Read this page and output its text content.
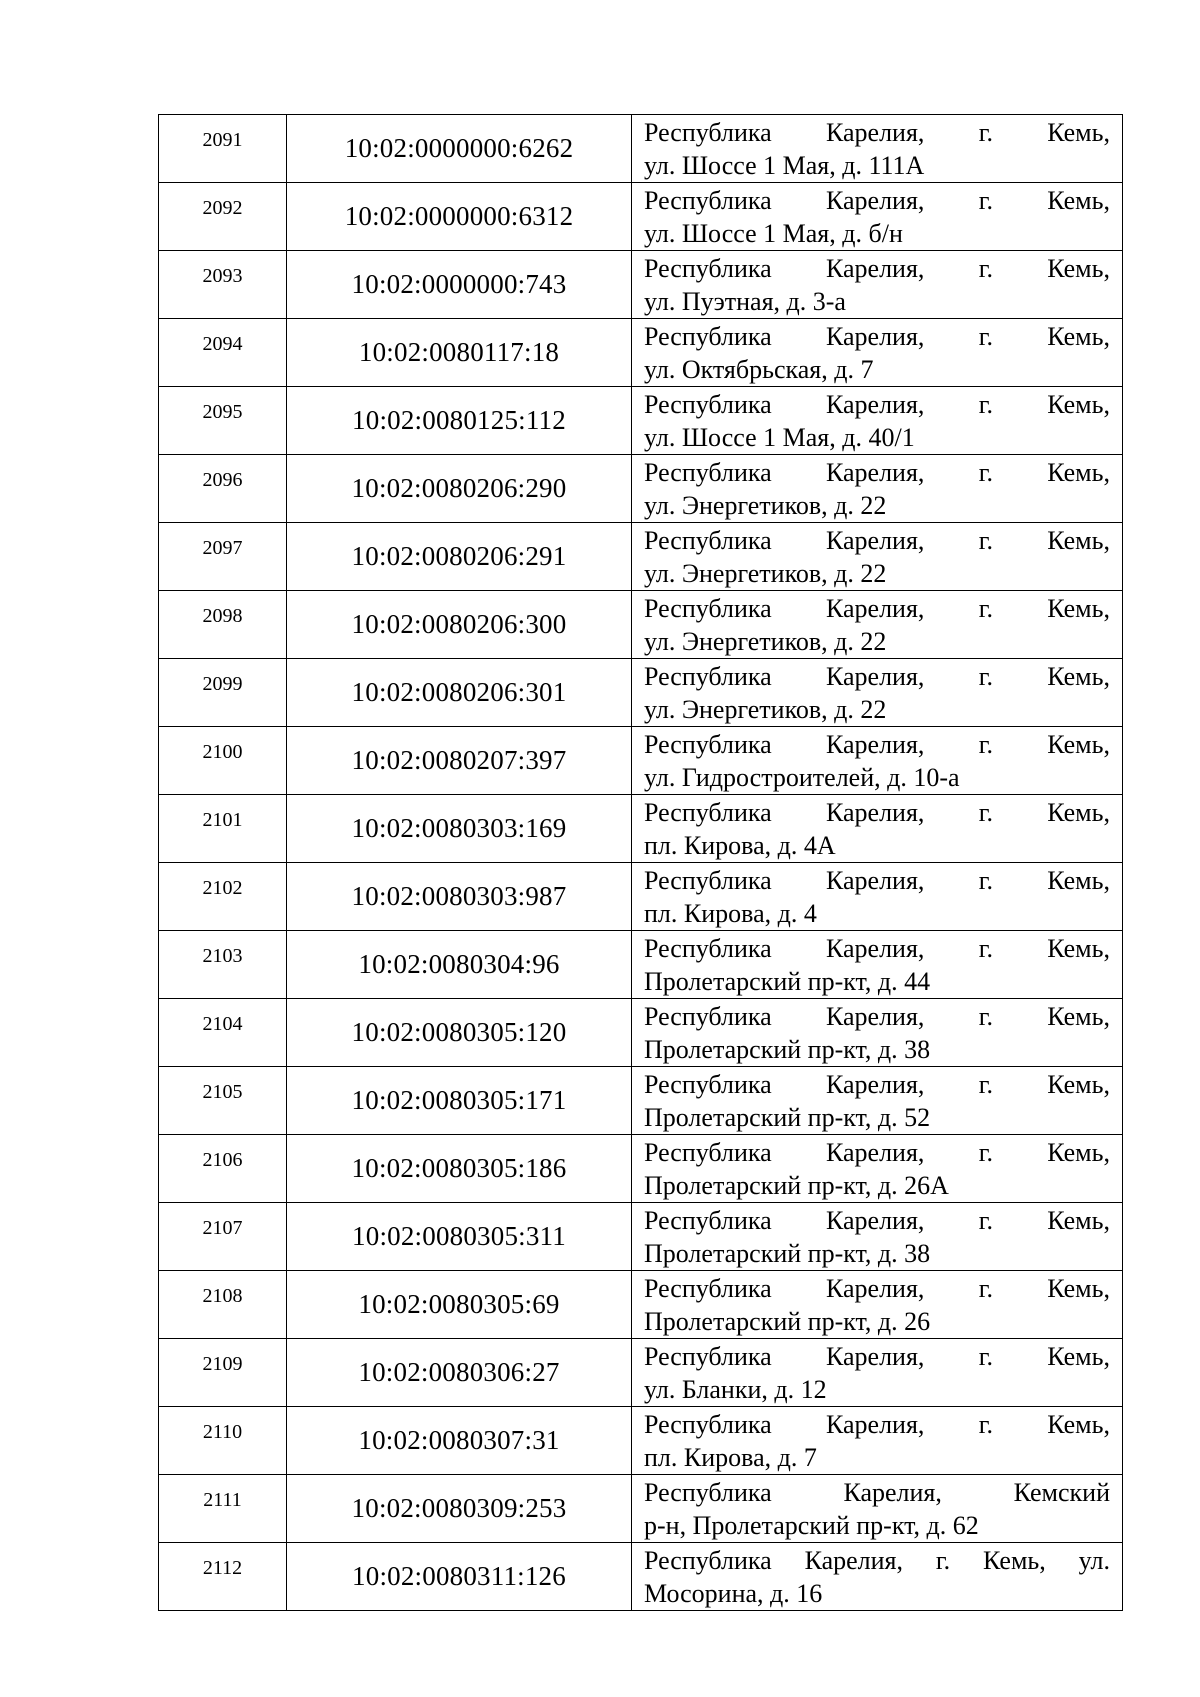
2091	10:02:0000000:6262	Республика Карелия, г. Кемь,
ул. Шоссе 1 Мая, д. 111А

2092	10:02:0000000:6312	Республика Карелия, г. Кемь,
ул. Шоссе 1 Мая, д. б/н

2093	10:02:0000000:743	Республика Карелия, г. Кемь,
ул. Пуэтная, д. 3-а

2094	10:02:0080117:18	Республика Карелия, г. Кемь,
ул. Октябрьская, д. 7

2095	10:02:0080125:112	Республика Карелия, г. Кемь,
ул. Шоссе 1 Мая, д. 40/1

2096	10:02:0080206:290	Республика Карелия, г. Кемь,
ул. Энергетиков, д. 22

2097	10:02:0080206:291	Республика Карелия, г. Кемь,
ул. Энергетиков, д. 22

2098	10:02:0080206:300	Республика Карелия, г. Кемь,
ул. Энергетиков, д. 22

2099	10:02:0080206:301	Республика Карелия, г. Кемь,
ул. Энергетиков, д. 22

2100	10:02:0080207:397	Республика Карелия, г. Кемь,
ул. Гидростроителей, д. 10-а

2101	10:02:0080303:169	Республика Карелия, г. Кемь,
пл. Кирова, д. 4А

2102	10:02:0080303:987	Республика Карелия, г. Кемь,
пл. Кирова, д. 4

2103	10:02:0080304:96	Республика Карелия, г. Кемь,
Пролетарский пр-кт, д. 44

2104	10:02:0080305:120	Республика Карелия, г. Кемь,
Пролетарский пр-кт, д. 38

2105	10:02:0080305:171	Республика Карелия, г. Кемь,
Пролетарский пр-кт, д. 52

2106	10:02:0080305:186	Республика Карелия, г. Кемь,
Пролетарский пр-кт, д. 26А

2107	10:02:0080305:311	Республика Карелия, г. Кемь,
Пролетарский пр-кт, д. 38

2108	10:02:0080305:69	Республика Карелия, г. Кемь,
Пролетарский пр-кт, д. 26

2109	10:02:0080306:27	Республика Карелия, г. Кемь,
ул. Бланки, д. 12

2110	10:02:0080307:31	Республика Карелия, г. Кемь,
пл. Кирова, д. 7

2111	10:02:0080309:253	Республика Карелия, Кемский
р-н, Пролетарский пр-кт, д. 62

2112	10:02:0080311:126	Республика Карелия, г. Кемь, ул.
Мосорина, д. 16
